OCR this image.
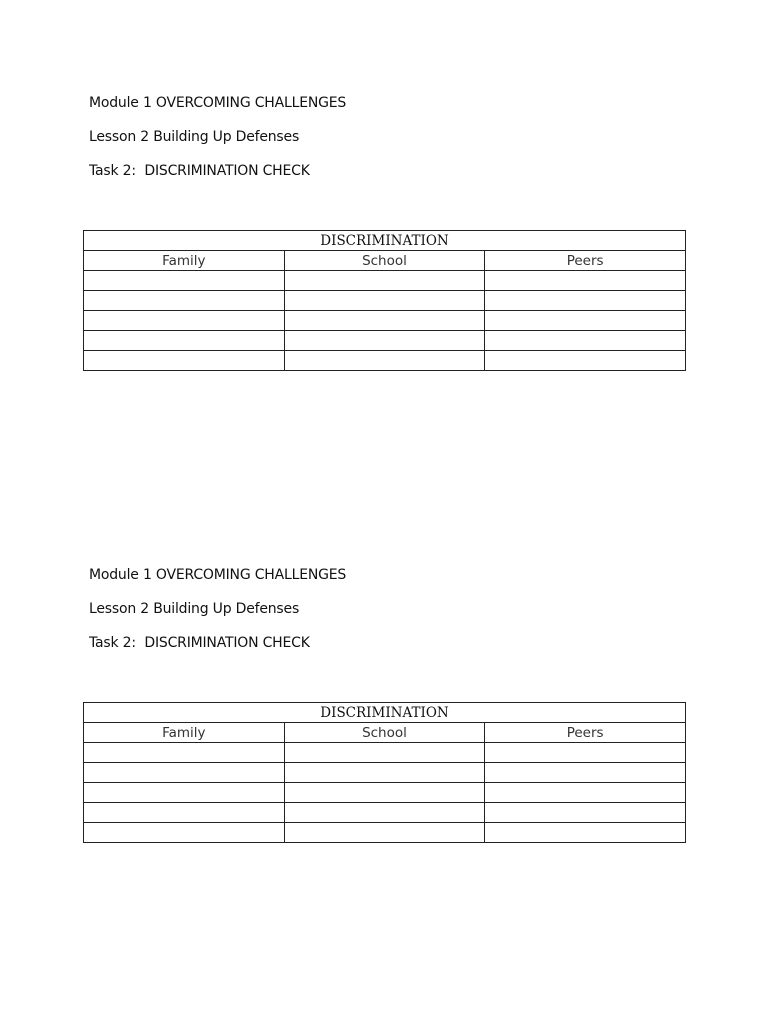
Module 1 OVERCOMING CHALLENGES
Lesson 2 Building Up Defenses
Task 2:  DISCRIMINATION CHECK
DISCRIMINATION		
Family	School	Peers

Module 1 OVERCOMING CHALLENGES
Lesson 2 Building Up Defenses
Task 2:  DISCRIMINATION CHECK
DISCRIMINATION		
Family	School	Peers
